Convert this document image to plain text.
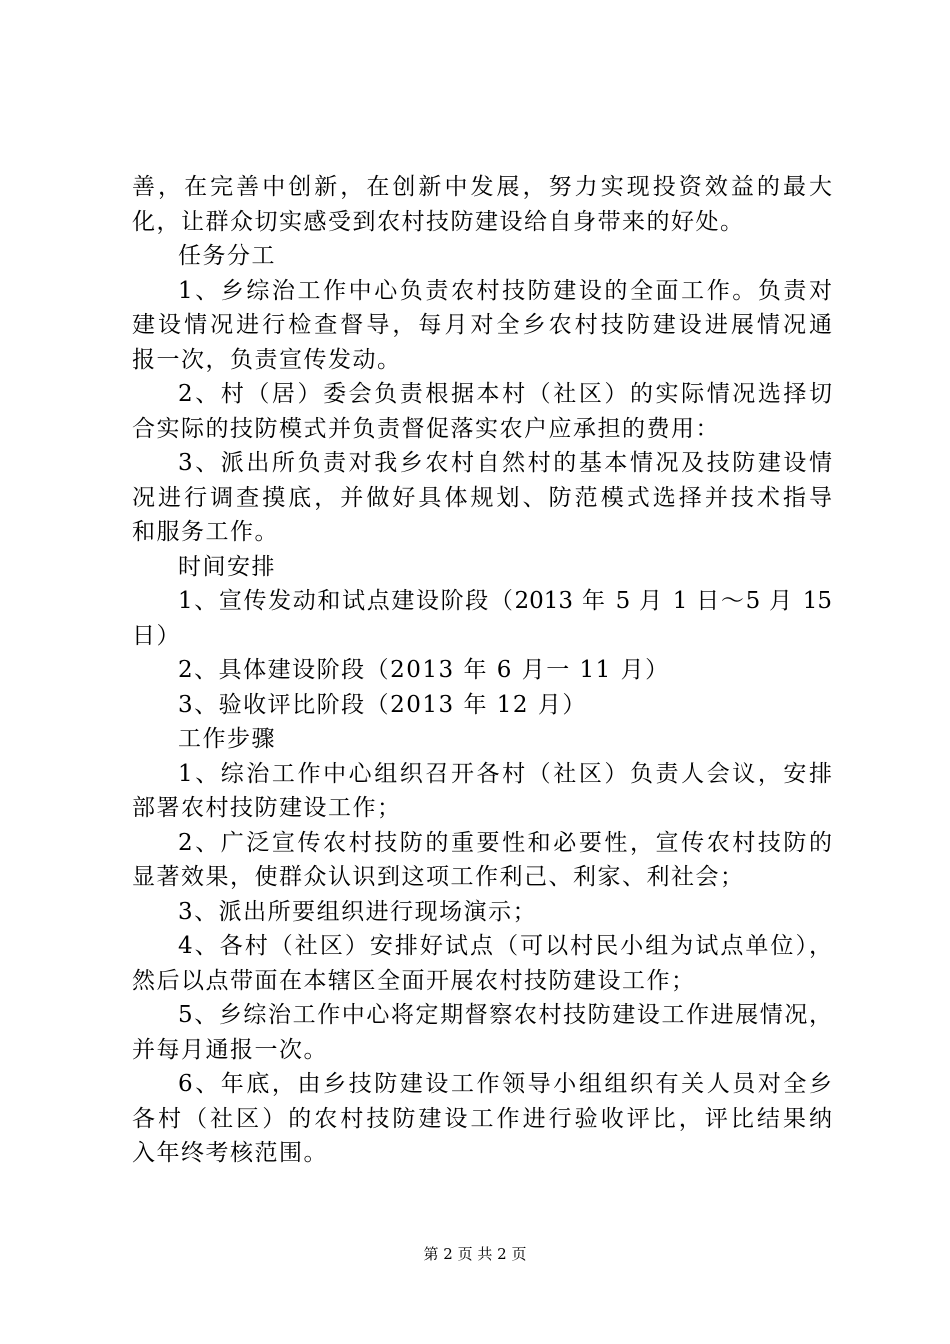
善，在完善中创新，在创新中发展，努力实现投资效益的最大
化，让群众切实感受到农村技防建设给自身带来的好处。
任务分工
1、乡综治工作中心负责农村技防建设的全面工作。负责对
建设情况进行检查督导，每月对全乡农村技防建设进展情况通
报一次，负责宣传发动。
2、村（居）委会负责根据本村（社区）的实际情况选择切
合实际的技防模式并负责督促落实农户应承担的费用：
3、派出所负责对我乡农村自然村的基本情况及技防建设情
况进行调查摸底，并做好具体规划、防范模式选择并技术指导
和服务工作。
时间安排
1、宣传发动和试点建设阶段（2013 年 5 月 1 日～5 月 15
日）
2、具体建设阶段（2013 年 6 月一 11 月）
3、验收评比阶段（2013 年 12 月）
工作步骤
1、综治工作中心组织召开各村（社区）负责人会议，安排
部署农村技防建设工作；
2、广泛宣传农村技防的重要性和必要性，宣传农村技防的
显著效果，使群众认识到这项工作利己、利家、利社会；
3、派出所要组织进行现场演示；
4、各村（社区）安排好试点（可以村民小组为试点单位），
然后以点带面在本辖区全面开展农村技防建设工作；
5、乡综治工作中心将定期督察农村技防建设工作进展情况，
并每月通报一次。
6、年底，由乡技防建设工作领导小组组织有关人员对全乡
各村（社区）的农村技防建设工作进行验收评比，评比结果纳
入年终考核范围。
第 2 页 共 2 页
